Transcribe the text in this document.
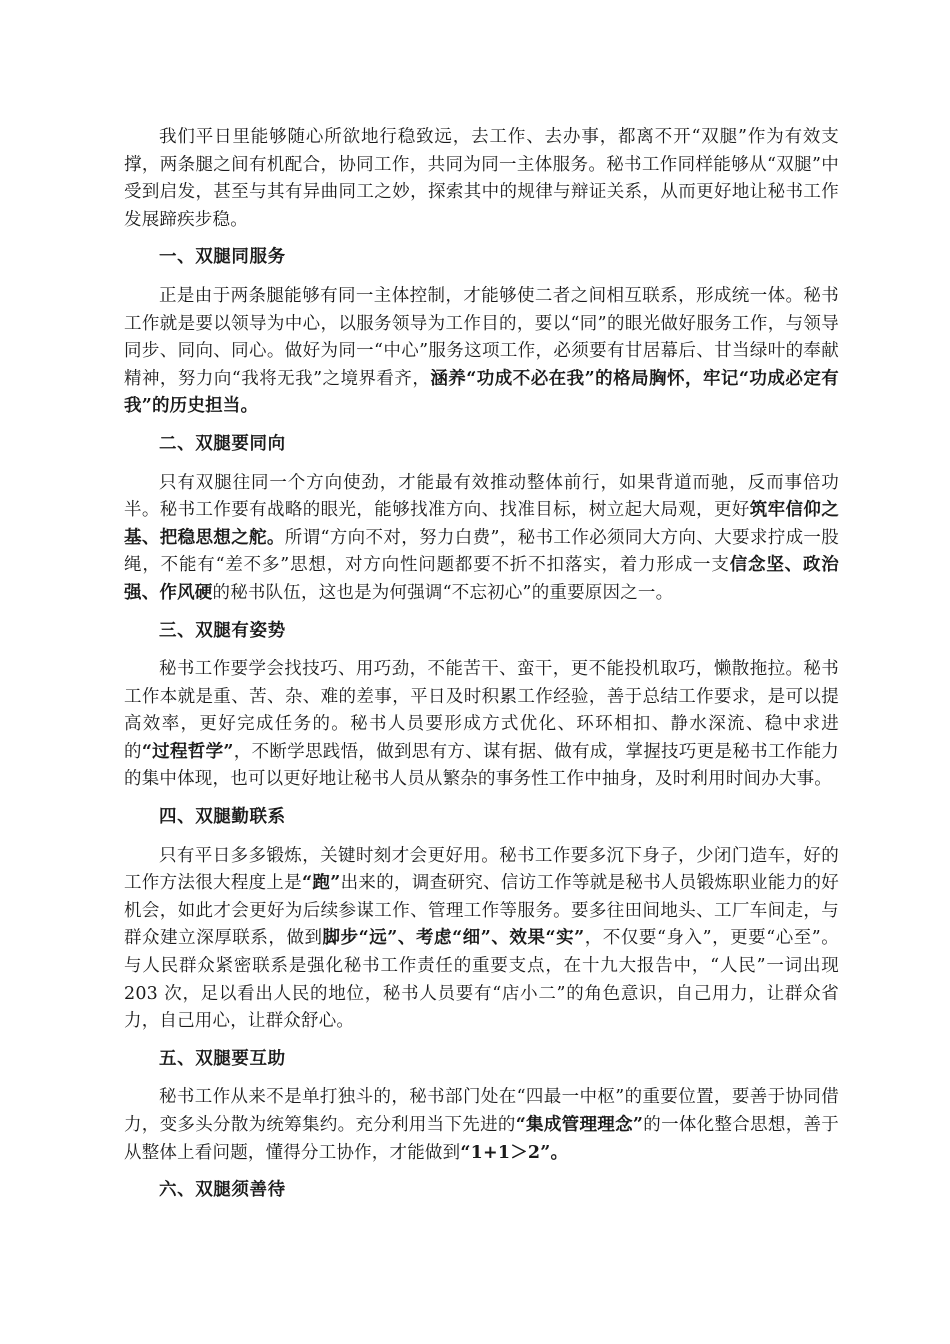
我们平日里能够随心所欲地行稳致远，去工作、去办事，都离不开“双腿”作为有效支撑，两条腿之间有机配合，协同工作，共同为同一主体服务。秘书工作同样能够从“双腿”中受到启发，甚至与其有异曲同工之妙，探索其中的规律与辩证关系，从而更好地让秘书工作发展蹄疾步稳。

一、双腿同服务

正是由于两条腿能够有同一主体控制，才能够使二者之间相互联系，形成统一体。秘书工作就是要以领导为中心，以服务领导为工作目的，要以“同”的眼光做好服务工作，与领导同步、同向、同心。做好为同一“中心”服务这项工作，必须要有甘居幕后、甘当绿叶的奉献精神，努力向“我将无我”之境界看齐，涵养“功成不必在我”的格局胸怀，牢记“功成必定有我”的历史担当。

二、双腿要同向

只有双腿往同一个方向使劲，才能最有效推动整体前行，如果背道而驰，反而事倍功半。秘书工作要有战略的眼光，能够找准方向、找准目标，树立起大局观，更好筑牢信仰之基、把稳思想之舵。所谓“方向不对，努力白费”，秘书工作必须同大方向、大要求拧成一股绳，不能有“差不多”思想，对方向性问题都要不折不扣落实，着力形成一支信念坚、政治强、作风硬的秘书队伍，这也是为何强调“不忘初心”的重要原因之一。

三、双腿有姿势

秘书工作要学会找技巧、用巧劲，不能苦干、蛮干，更不能投机取巧，懒散拖拉。秘书工作本就是重、苦、杂、难的差事，平日及时积累工作经验，善于总结工作要求，是可以提高效率，更好完成任务的。秘书人员要形成方式优化、环环相扣、静水深流、稳中求进的“过程哲学”，不断学思践悟，做到思有方、谋有据、做有成，掌握技巧更是秘书工作能力的集中体现，也可以更好地让秘书人员从繁杂的事务性工作中抽身，及时利用时间办大事。

四、双腿勤联系

只有平日多多锻炼，关键时刻才会更好用。秘书工作要多沉下身子，少闭门造车，好的工作方法很大程度上是“跑”出来的，调查研究、信访工作等就是秘书人员锻炼职业能力的好机会，如此才会更好为后续参谋工作、管理工作等服务。要多往田间地头、工厂车间走，与群众建立深厚联系，做到脚步“远”、考虑“细”、效果“实”，不仅要“身入”，更要“心至”。与人民群众紧密联系是强化秘书工作责任的重要支点，在十九大报告中，“人民”一词出现 203 次，足以看出人民的地位，秘书人员要有“店小二”的角色意识，自己用力，让群众省力，自己用心，让群众舒心。

五、双腿要互助

秘书工作从来不是单打独斗的，秘书部门处在“四最一中枢”的重要位置，要善于协同借力，变多头分散为统筹集约。充分利用当下先进的“集成管理理念”的一体化整合思想，善于从整体上看问题，懂得分工协作，才能做到“1+1＞2”。

六、双腿须善待
